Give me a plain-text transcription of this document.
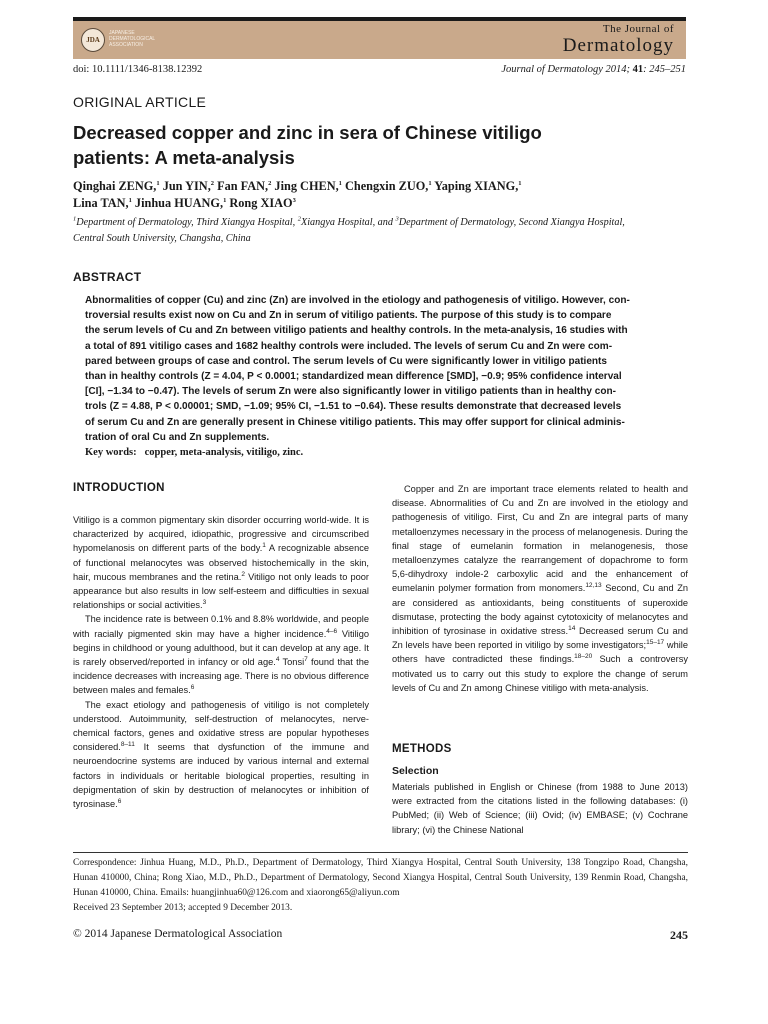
JDA
JAPANESE
DERMATOLOGICAL
ASSOCIATION
The Journal of
Dermatology
doi: 10.1111/1346-8138.12392	Journal of Dermatology 2014; 41: 245–251
ORIGINAL ARTICLE
Decreased copper and zinc in sera of Chinese vitiligo
patients: A meta-analysis
Qinghai ZENG,$^1$ Jun YIN,$^2$ Fan FAN,$^2$ Jing CHEN,$^1$ Chengxin ZUO,$^1$ Yaping XIANG,$^1$
Lina TAN,$^1$ Jinhua HUANG,$^1$ Rong XIAO$^3$
$^1$Department of Dermatology, Third Xiangya Hospital, $^2$Xiangya Hospital, and $^3$Department of Dermatology, Second Xiangya Hospital,
Central South University, Changsha, China
ABSTRACT
Abnormalities of copper (Cu) and zinc (Zn) are involved in the etiology and pathogenesis of vitiligo. However, con-
troversial results exist now on Cu and Zn in serum of vitiligo patients. The purpose of this study is to compare
the serum levels of Cu and Zn between vitiligo patients and healthy controls. In the meta-analysis, 16 studies with
a total of 891 vitiligo cases and 1682 healthy controls were included. The levels of serum Cu and Zn were com-
pared between groups of case and control. The serum levels of Cu were significantly lower in vitiligo patients
than in healthy controls (Z = 4.04, P < 0.0001; standardized mean difference [SMD], −0.9; 95% confidence interval
[CI], −1.34 to −0.47). The levels of serum Zn were also significantly lower in vitiligo patients than in healthy con-
trols (Z = 4.88, P < 0.00001; SMD, −1.09; 95% CI, −1.51 to −0.64). These results demonstrate that decreased levels
of serum Cu and Zn are generally present in Chinese vitiligo patients. This may offer support for clinical adminis-
tration of oral Cu and Zn supplements.
Key words: copper, meta-analysis, vitiligo, zinc.
INTRODUCTION

Vitiligo is a common pigmentary skin disorder occurring world-wide. It is characterized by acquired, idiopathic, progressive and circumscribed hypomelanosis on different parts of the body.$^1$ A recognizable absence of functional melanocytes was observed histochemically in the skin, hair, mucous membranes and the retina.$^2$ Vitiligo not only leads to poor appearance but also results in low self-esteem and difficulties in sexual relationships or social activities.$^3$

The incidence rate is between 0.1% and 8.8% worldwide, and people with racially pigmented skin may have a higher incidence.$^{4-6}$ Vitiligo begins in childhood or young adulthood, but it can develop at any age. It is rarely observed/reported in infancy or old age.$^4$ Tonsi$^7$ found that the incidence decreases with increasing age. There is no obvious difference between males and females.$^6$

The exact etiology and pathogenesis of vitiligo is not completely understood. Autoimmunity, self-destruction of melanocytes, nerve-chemical factors, genes and oxidative stress are popular hypotheses considered.$^{8-11}$ It seems that dysfunction of the immune and neuroendocrine systems are induced by various internal and external factors in individuals or heritable biological properties, resulting in depigmentation of skin by destruction of melanocytes or inhibition of tyrosinase.$^6$

Copper and Zn are important trace elements related to health and disease. Abnormalities of Cu and Zn are involved in the etiology and pathogenesis of vitiligo. First, Cu and Zn are integral parts of many metalloenzymes necessary in the process of melanogenesis. During the final stage of eumelanin formation in melanogenesis, those metalloenzymes catalyze the rearrangement of dopachrome to form 5,6-dihydroxy indole-2 carboxylic acid and the enhancement of eumelanin polymer formation from monomers.$^{12,13}$ Second, Cu and Zn are considered as antioxidants, being constituents of superoxide dismutase, protecting the body against cytotoxicity of melanocytes and inhibition of tyrosinase in oxidative stress.$^{14}$ Decreased serum Cu and Zn levels have been reported in vitiligo by some investigators;$^{15-17}$ while others have contradicted these findings.$^{18-20}$ Such a controversy motivated us to carry out this study to explore the change of serum levels of Cu and Zn among Chinese vitiligo with meta-analysis.

METHODS
Selection
Materials published in English or Chinese (from 1988 to June 2013) were extracted from the citations listed in the following databases: (i) PubMed; (ii) Web of Science; (iii) Ovid; (iv) EMBASE; (v) Cochrane library; (vi) the Chinese National
Correspondence: Jinhua Huang, M.D., Ph.D., Department of Dermatology, Third Xiangya Hospital, Central South University, 138 Tongzipo Road, Changsha, Hunan 410000, China; Rong Xiao, M.D., Ph.D., Department of Dermatology, Second Xiangya Hospital, Central South University, 139 Renmin Road, Changsha, Hunan 410000, China. Emails: huangjinhua60@126.com and xiaorong65@aliyun.com
Received 23 September 2013; accepted 9 December 2013.
© 2014 Japanese Dermatological Association	245
